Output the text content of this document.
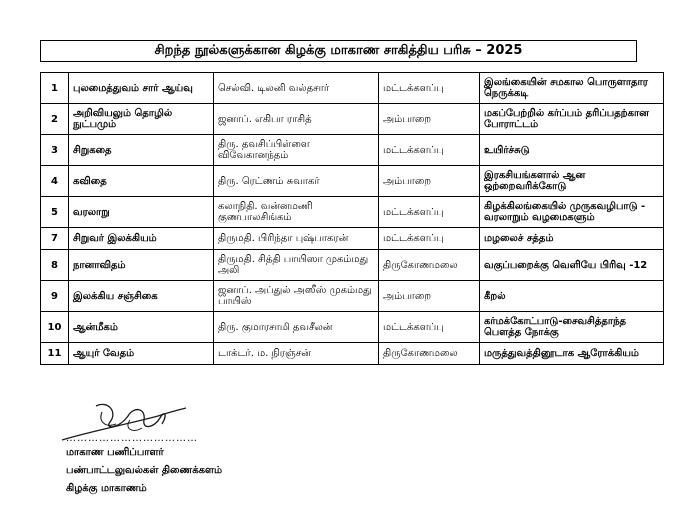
சிறந்த நூல்களுக்கான கிழக்கு மாகாண சாகித்திய பரிசு – 2025
1	புலமைத்துவம் சார் ஆய்வு	செல்வி. டிலனி வல்தசார்	மட்டக்களப்பு	இலங்கையின் சமகால பொருளாதார நெருக்கடி
2	அறிவியலும் தொழில் நுட்பமும்	ஜனாப். எகிபா ராசித்	அம்பாறை	மகப்பேற்றில் கர்ப்பம் தரிப்பதற்கான போராட்டம்
3	சிறுகதை	திரு. தவசிப்பிள்ளை விவேகானந்தம்	மட்டக்களப்பு	உயிர்ச்சுடு
4	கவிதை	திரு. ரெட்ணம் சுவாகர்	அம்பாறை	இரகசியங்களால் ஆன ஒற்றைவரிக்கோடு
5	வரலாறு	கலாநிதி. வன்னமணி குணபாலசிங்கம்	மட்டக்களப்பு	கிழக்கிலங்கையில் முருகவழிபாடு - வரலாறும் வழமைகளும்
7	சிறுவர் இலக்கியம்	திருமதி. பிரிந்தா புஷ்பாகரன்	மட்டக்களப்பு	மழலைச் சத்தம்
8	நானாவிதம்	திருமதி. சித்தி பாயிஸா முகம்மது அலி	திருகோணமலை	வகுப்பறைக்கு வெளியே பிரிவு -12
9	இலக்கிய சஞ்சிகை	ஜனாப். அப்துல் அஸீஸ் முகம்மது பாயிஸ்	அம்பாறை	கீறல்
10	ஆன்மீகம்	திரு. குமாரசாமி தவசீலன்	மட்டக்களப்பு	கர்மக்கோட்பாடு-சைவசித்தாந்த பௌத்த நோக்கு
11	ஆயுர் வேதம்	டாக்டர். ம. நிரஞ்சன்	திருகோணமலை	மருத்துவத்தினூடாக ஆரோக்கியம்
………………………………
மாகாண பணிப்பாளர்
பண்பாட்டலுவல்கள் திணைக்களம்
கிழக்கு மாகாணம்
